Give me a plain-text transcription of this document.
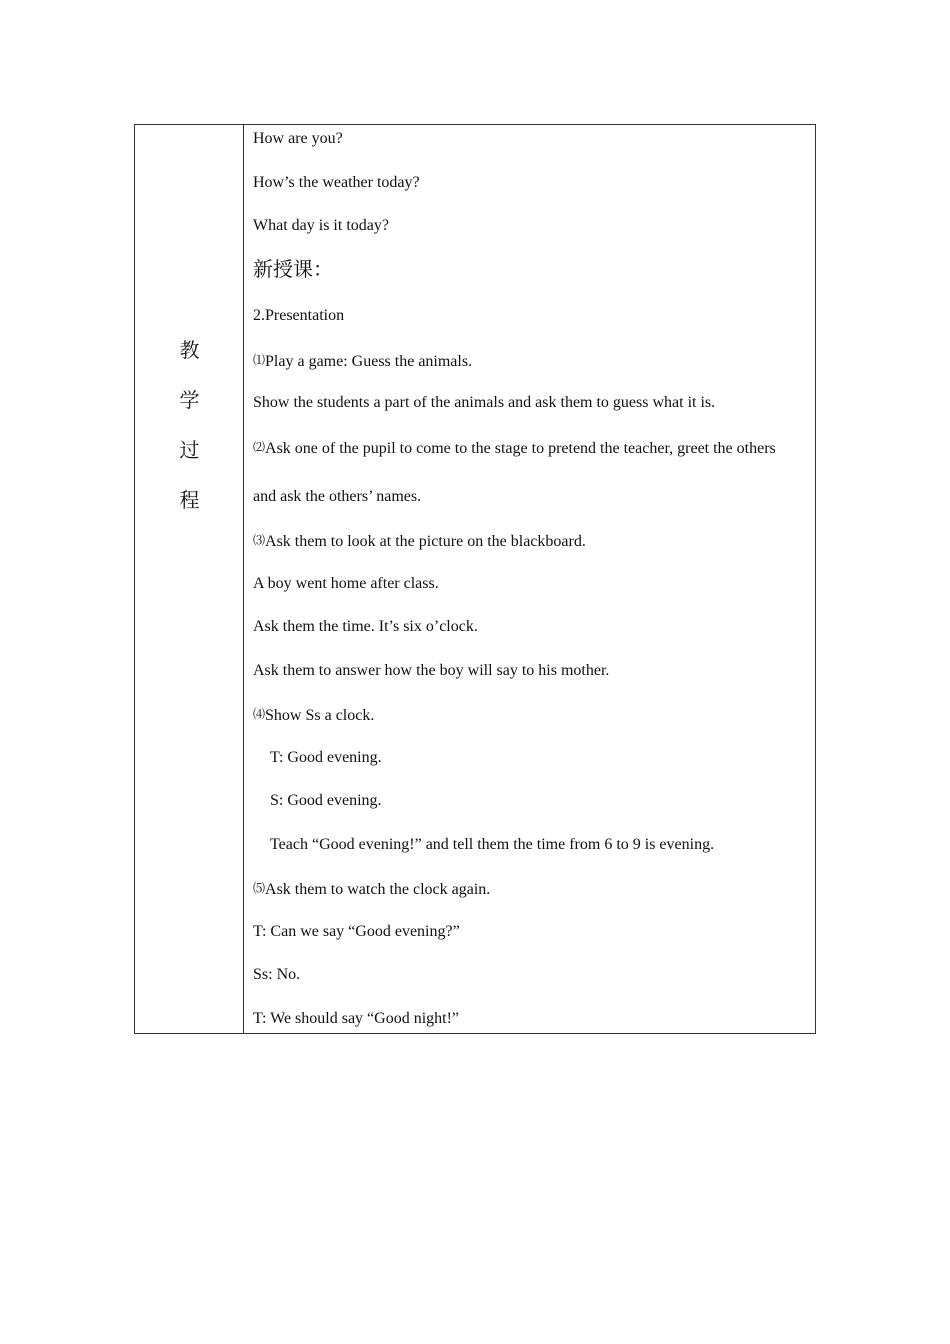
教
学
过
程
How are you?
How’s the weather today?
What day is it today?
新授课：
2.Presentation
⑴Play a game: Guess the animals.
Show the students a part of the animals and ask them to guess what it is.
⑵Ask one of the pupil to come to the stage to pretend the teacher, greet the others
and ask the others’ names.
⑶Ask them to look at the picture on the blackboard.
A boy went home after class.
Ask them the time. It’s six o’clock.
Ask them to answer how the boy will say to his mother.
⑷Show Ss a clock.
T: Good evening.
S: Good evening.
Teach “Good evening!” and tell them the time from 6 to 9 is evening.
⑸Ask them to watch the clock again.
T: Can we say “Good evening?”
Ss: No.
T: We should say “Good night!”
